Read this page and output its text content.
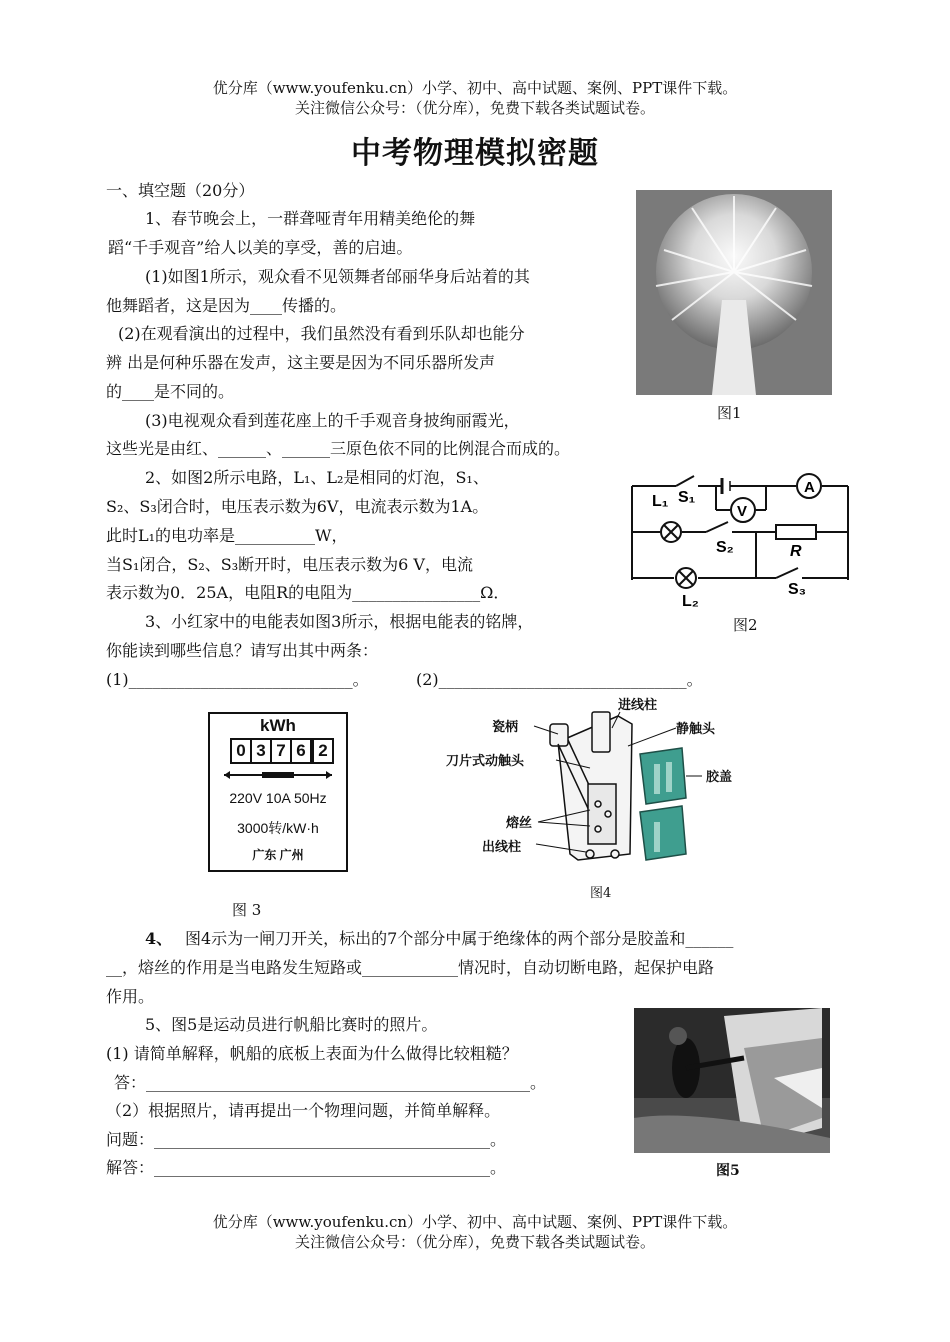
优分库（www.youfenku.cn）小学、初中、高中试题、案例、PPT课件下载。
关注微信公众号：（优分库），免费下载各类试题试卷。
中考物理模拟密题
一、填空题（20分）
1、春节晚会上，一群聋哑青年用精美绝伦的舞
蹈“千手观音”给人以美的享受，善的启迪。
(1)如图1所示，观众看不见领舞者邰丽华身后站着的其
他舞蹈者，这是因为____传播的。
(2)在观看演出的过程中，我们虽然没有看到乐队却也能分
辨 出是何种乐器在发声，这主要是因为不同乐器所发声
的____是不同的。
(3)电视观众看到莲花座上的千手观音身披绚丽霞光，
这些光是由红、______、______三原色依不同的比例混合而成的。
图1
2、如图2所示电路，L₁、L₂是相同的灯泡，S₁、
S₂、S₃闭合时，电压表示数为6V，电流表示数为1A。
此时L₁的电功率是__________W，
当S₁闭合，S₂、S₃断开时，电压表示数为6 V，电流
表示数为0．25A，电阻R的电阻为________________Ω．
A
V
L₁ S₁
S₂	R
S₃
L₂
图2
3、小红家中的电能表如图3所示，根据电能表的铭牌，
你能读到哪些信息？请写出其中两条：
(1)____________________________。	(2)_______________________________。
kWh
0 3 7 6 2
220V 10A 50Hz
3000转/kW·h
广东 广州
图 3
瓷柄
进线柱
静触头
刀片式动触头
胶盖
熔丝
出线柱
图4
4、 图4示为一闸刀开关，标出的7个部分中属于绝缘体的两个部分是胶盖和______
__，熔丝的作用是当电路发生短路或____________情况时，自动切断电路，起保护电路
作用。
5、图5是运动员进行帆船比赛时的照片。
(1) 请简单解释，帆船的底板上表面为什么做得比较粗糙？
答：________________________________________________。
（2）根据照片，请再提出一个物理问题，并简单解释。
问题：__________________________________________。
解答：__________________________________________。	图5
优分库（www.youfenku.cn）小学、初中、高中试题、案例、PPT课件下载。
关注微信公众号：（优分库），免费下载各类试题试卷。
